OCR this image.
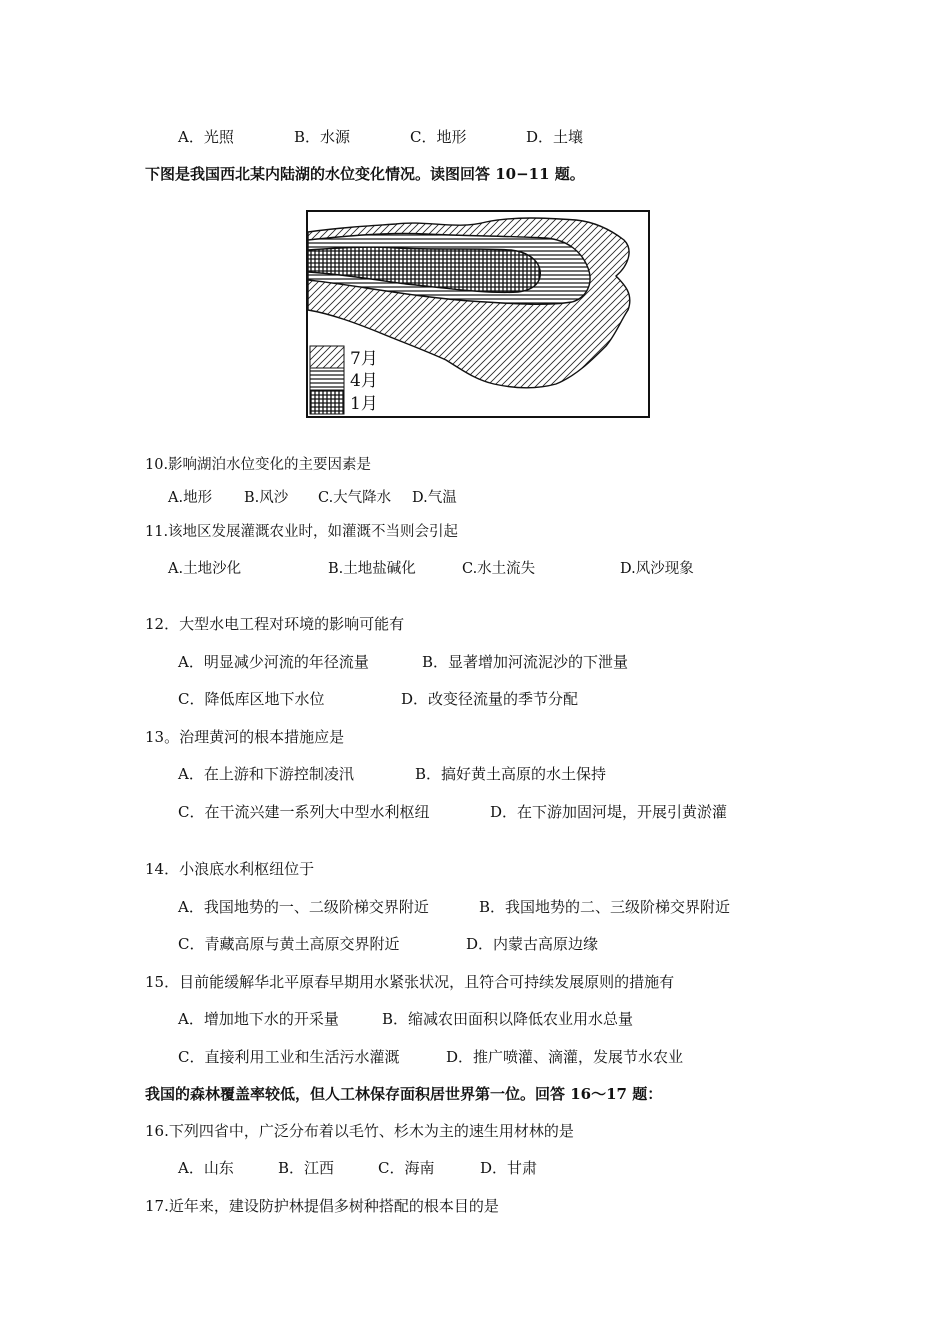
A．光照	B．水源	C．地形	D．土壤
下图是我国西北某内陆湖的水位变化情况。读图回答 10−11 题。
7月
4月
1月
10.影响湖泊水位变化的主要因素是
A.地形 B.风沙 C.大气降水 D.气温
11.该地区发展灌溉农业时，如灌溉不当则会引起
A.土地沙化	B.土地盐碱化	C.水土流失	D.风沙现象
12．大型水电工程对环境的影响可能有
A．明显减少河流的年径流量	B．显著增加河流泥沙的下泄量
C．降低库区地下水位	D．改变径流量的季节分配
13。治理黄河的根本措施应是
A．在上游和下游控制凌汛	B．搞好黄土高原的水土保持
C．在干流兴建一系列大中型水利枢纽	D．在下游加固河堤，开展引黄淤灌
14．小浪底水利枢纽位于
A．我国地势的一、二级阶梯交界附近	B．我国地势的二、三级阶梯交界附近
C．青藏高原与黄土高原交界附近	D．内蒙古高原边缘
15．目前能缓解华北平原春早期用水紧张状况，且符合可持续发展原则的措施有
A．增加地下水的开采量	B．缩减农田面积以降低农业用水总量
C．直接利用工业和生活污水灌溉	D．推广喷灌、滴灌，发展节水农业
我国的森林覆盖率较低，但人工林保存面积居世界第一位。回答 16～17 题：
16.下列四省中，广泛分布着以毛竹、杉木为主的速生用材林的是
A．山东	B．江西	C．海南	D．甘肃
17.近年来，建设防护林提倡多树种搭配的根本目的是
